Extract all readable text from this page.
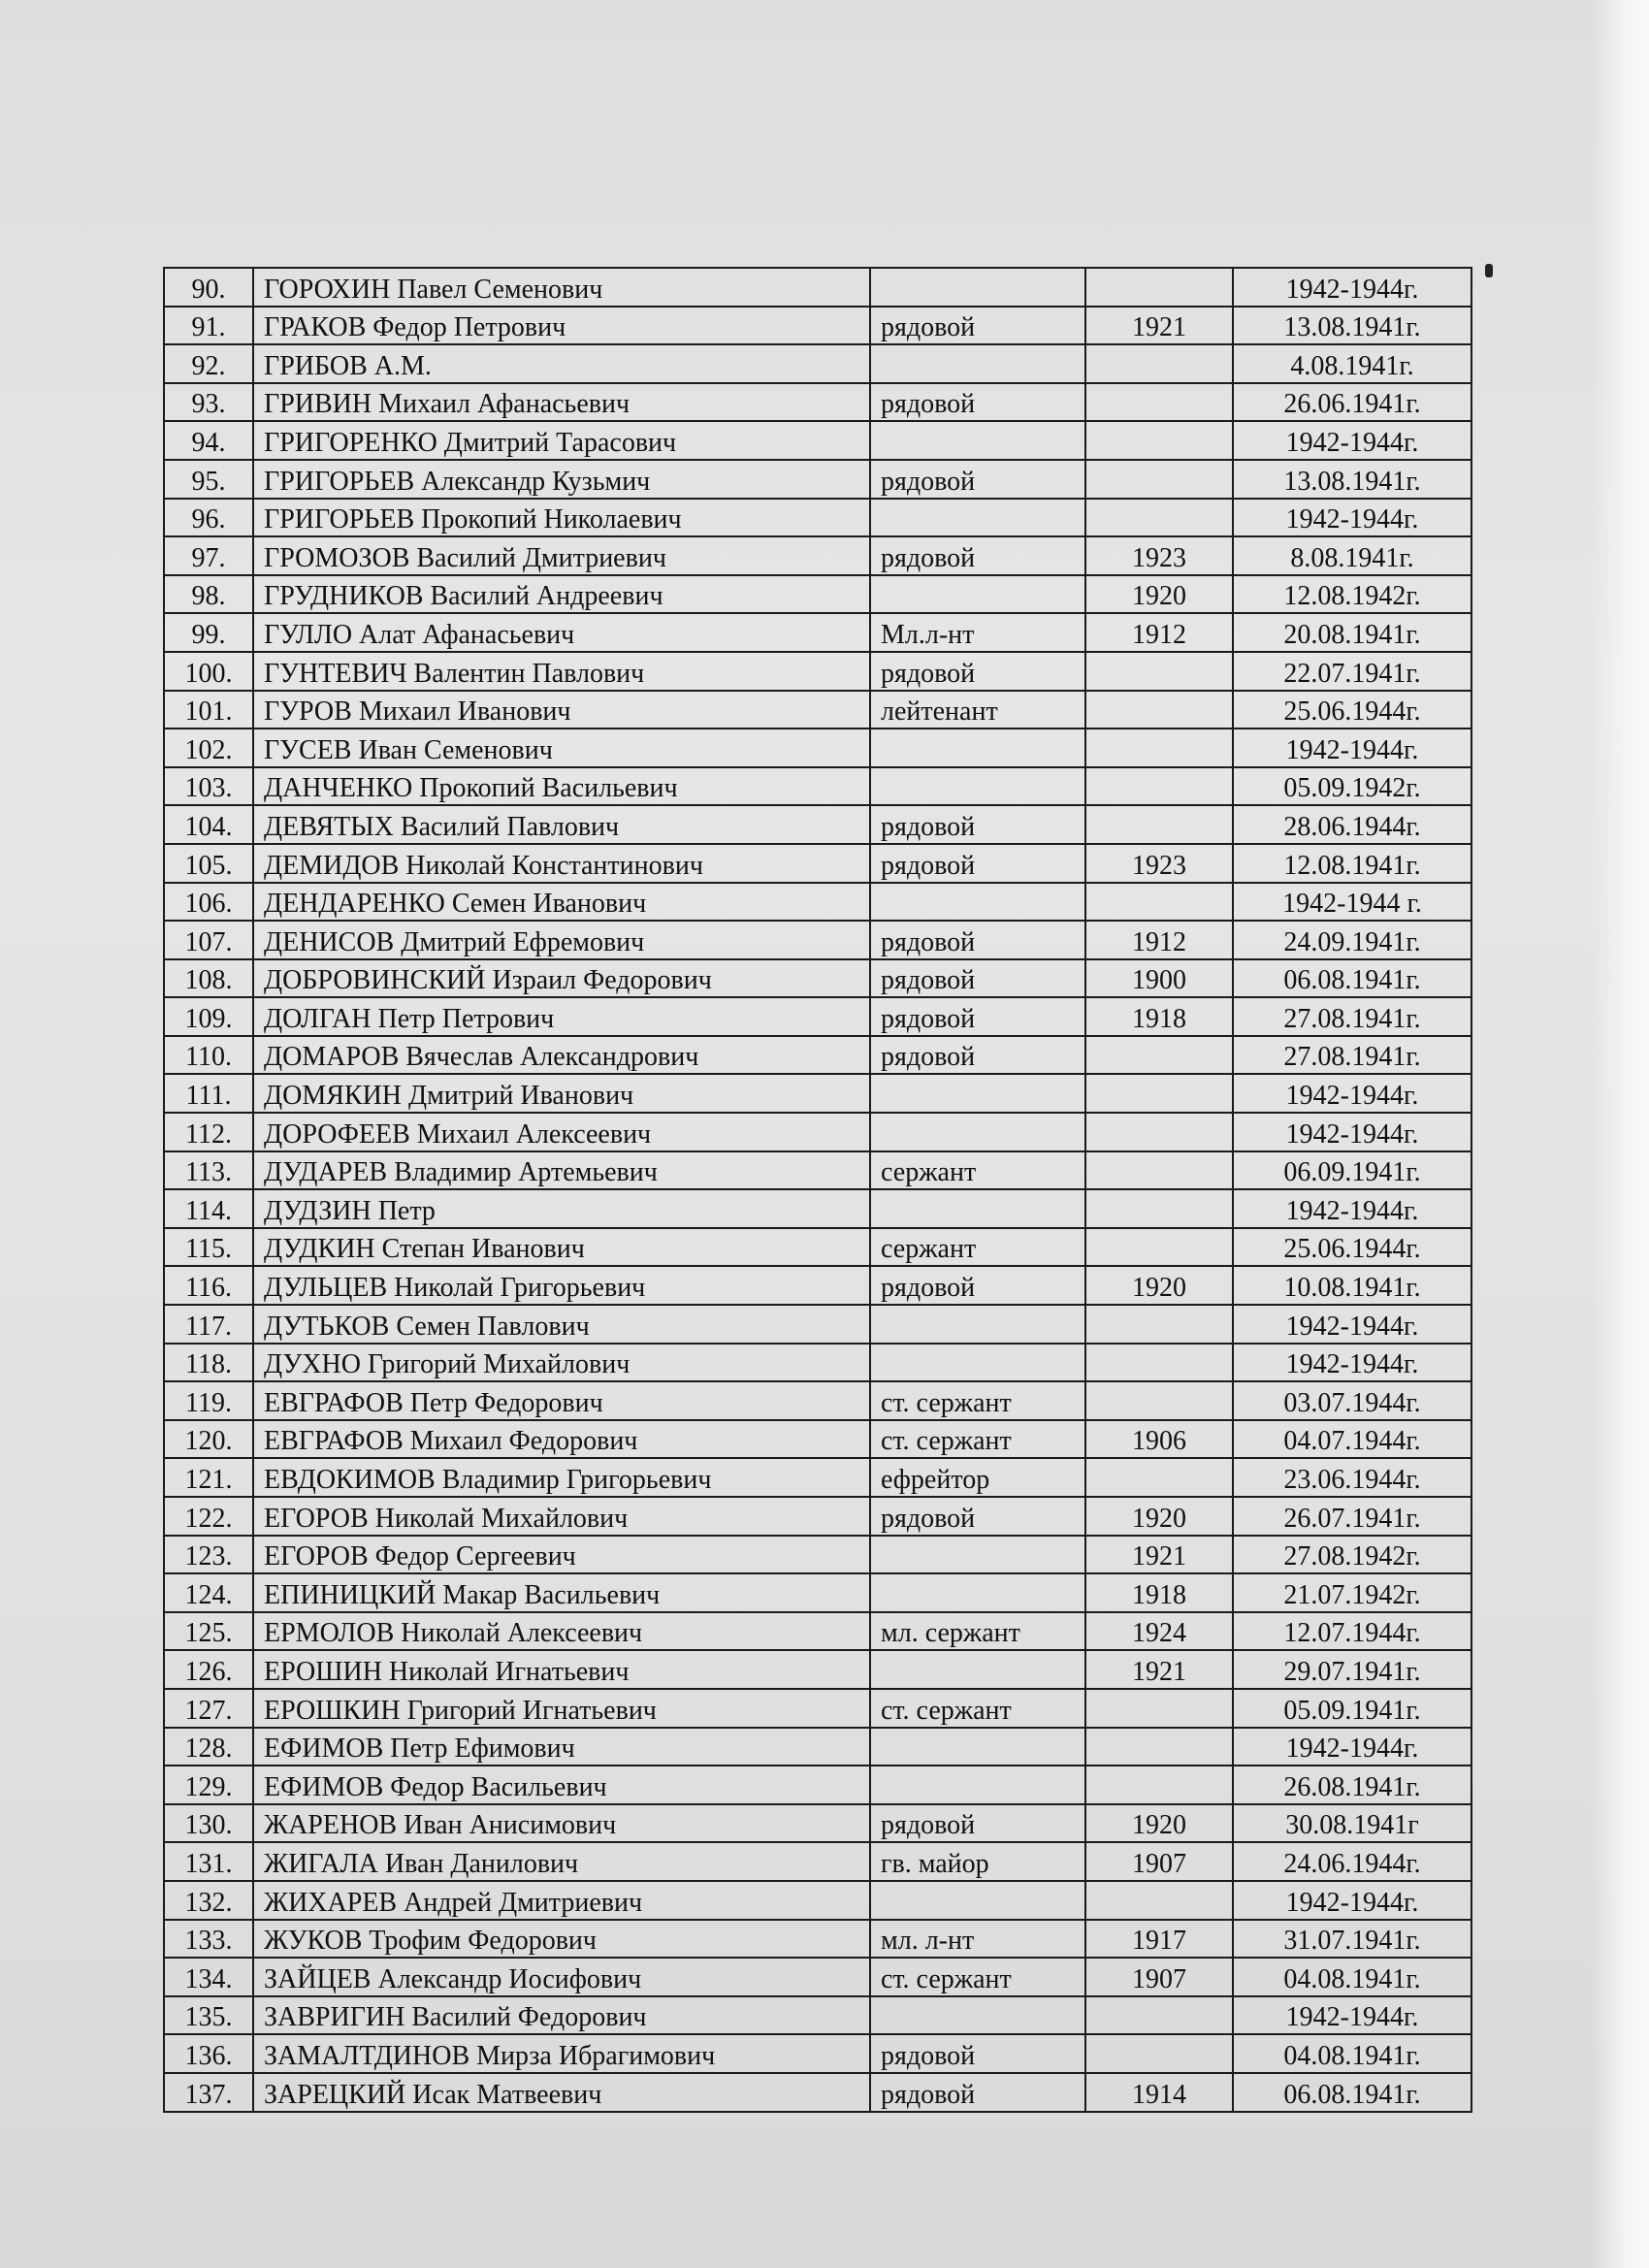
90.	ГОРОХИН Павел Семенович			1942-1944г.
91.	ГРАКОВ Федор Петрович	рядовой	1921	13.08.1941г.
92.	ГРИБОВ А.М.			4.08.1941г.
93.	ГРИВИН Михаил Афанасьевич	рядовой		26.06.1941г.
94.	ГРИГОРЕНКО Дмитрий Тарасович			1942-1944г.
95.	ГРИГОРЬЕВ Александр Кузьмич	рядовой		13.08.1941г.
96.	ГРИГОРЬЕВ Прокопий Николаевич			1942-1944г.
97.	ГРОМОЗОВ Василий Дмитриевич	рядовой	1923	8.08.1941г.
98.	ГРУДНИКОВ Василий Андреевич		1920	12.08.1942г.
99.	ГУЛЛО Алат Афанасьевич	Мл.л-нт	1912	20.08.1941г.
100.	ГУНТЕВИЧ Валентин Павлович	рядовой		22.07.1941г.
101.	ГУРОВ Михаил Иванович	лейтенант		25.06.1944г.
102.	ГУСЕВ Иван Семенович			1942-1944г.
103.	ДАНЧЕНКО Прокопий Васильевич			05.09.1942г.
104.	ДЕВЯТЫХ Василий Павлович	рядовой		28.06.1944г.
105.	ДЕМИДОВ Николай Константинович	рядовой	1923	12.08.1941г.
106.	ДЕНДАРЕНКО Семен Иванович			1942-1944 г.
107.	ДЕНИСОВ Дмитрий Ефремович	рядовой	1912	24.09.1941г.
108.	ДОБРОВИНСКИЙ Израил Федорович	рядовой	1900	06.08.1941г.
109.	ДОЛГАН Петр Петрович	рядовой	1918	27.08.1941г.
110.	ДОМАРОВ Вячеслав Александрович	рядовой		27.08.1941г.
111.	ДОМЯКИН Дмитрий Иванович			1942-1944г.
112.	ДОРОФЕЕВ Михаил Алексеевич			1942-1944г.
113.	ДУДАРЕВ Владимир Артемьевич	сержант		06.09.1941г.
114.	ДУДЗИН Петр			1942-1944г.
115.	ДУДКИН Степан Иванович	сержант		25.06.1944г.
116.	ДУЛЬЦЕВ Николай Григорьевич	рядовой	1920	10.08.1941г.
117.	ДУТЬКОВ Семен Павлович			1942-1944г.
118.	ДУХНО Григорий Михайлович			1942-1944г.
119.	ЕВГРАФОВ Петр Федорович	ст. сержант		03.07.1944г.
120.	ЕВГРАФОВ Михаил Федорович	ст. сержант	1906	04.07.1944г.
121.	ЕВДОКИМОВ Владимир Григорьевич	ефрейтор		23.06.1944г.
122.	ЕГОРОВ Николай Михайлович	рядовой	1920	26.07.1941г.
123.	ЕГОРОВ Федор Сергеевич		1921	27.08.1942г.
124.	ЕПИНИЦКИЙ Макар Васильевич		1918	21.07.1942г.
125.	ЕРМОЛОВ Николай Алексеевич	мл. сержант	1924	12.07.1944г.
126.	ЕРОШИН Николай Игнатьевич		1921	29.07.1941г.
127.	ЕРОШКИН Григорий Игнатьевич	ст. сержант		05.09.1941г.
128.	ЕФИМОВ Петр Ефимович			1942-1944г.
129.	ЕФИМОВ Федор Васильевич			26.08.1941г.
130.	ЖАРЕНОВ Иван Анисимович	рядовой	1920	30.08.1941г
131.	ЖИГАЛА Иван Данилович	гв. майор	1907	24.06.1944г.
132.	ЖИХАРЕВ Андрей Дмитриевич			1942-1944г.
133.	ЖУКОВ Трофим Федорович	мл. л-нт	1917	31.07.1941г.
134.	ЗАЙЦЕВ Александр Иосифович	ст. сержант	1907	04.08.1941г.
135.	ЗАВРИГИН Василий Федорович			1942-1944г.
136.	ЗАМАЛТДИНОВ Мирза Ибрагимович	рядовой		04.08.1941г.
137.	ЗАРЕЦКИЙ Исак Матвеевич	рядовой	1914	06.08.1941г.
